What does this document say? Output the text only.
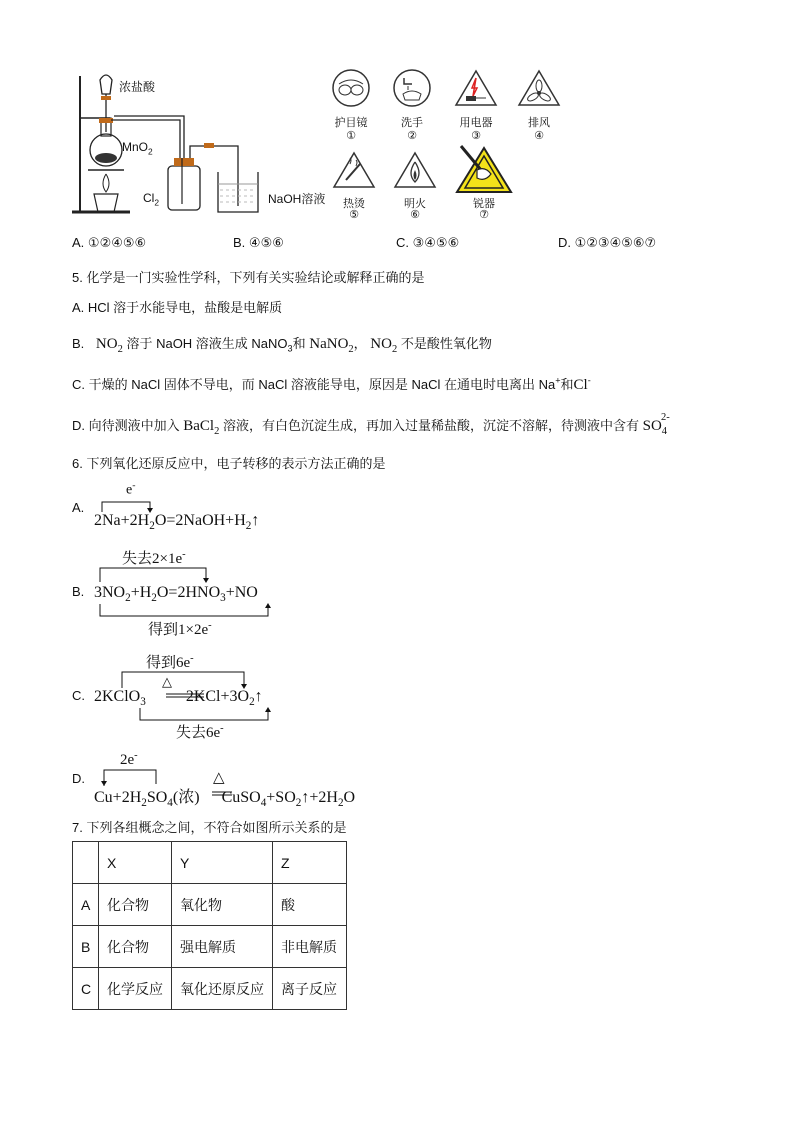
浓盐酸
MnO$_2$
$Cl_2$	NaOH溶液
护目镜
①
洗手
②
用电器
③
排风
④
热烫
⑤
明火
⑥
锐器
⑦
A. ①②④⑤⑥	B. ④⑤⑥	C. ③④⑤⑥	D. ①②③④⑤⑥⑦
5. 化学是一门实验性学科，下列有关实验结论或解释正确的是
A. HCl 溶于水能导电，盐酸是电解质
B. $NO_2$ 溶于 NaOH 溶液生成 NaNO$_3$和 NaNO$_2$， $NO_2$ 不是酸性氧化物
C. 干燥的 NaCl 固体不导电，而 NaCl 溶液能导电，原因是 NaCl 在通电时电离出 Na+和Cl-
D. 向待测液中加入 BaCl$_2$ 溶液，有白色沉淀生成，再加入过量稀盐酸，沉淀不溶解，待测液中含有 $SO_4^{2-}$
6. 下列氧化还原反应中，电子转移的表示方法正确的是
A.
e-
$2Na+2H_2O=2NaOH+H_2↑$
失去2×1e-
B. $3NO_2+H_2O=2HNO_3+NO$
得到1×2e-
得到6e-
△
C. 2KClO$_3$	$2KCl+3O_2↑$
失去6e-
2e-
△
D.
$Cu+2H_2SO_4$(浓) $CuSO_4+SO_2↑+2H_2O$
7. 下列各组概念之间，不符合如图所示关系的是
	X	Y	Z
A	化合物	氧化物	酸
B	化合物	强电解质	非电解质
C	化学反应	氧化还原反应	离子反应
